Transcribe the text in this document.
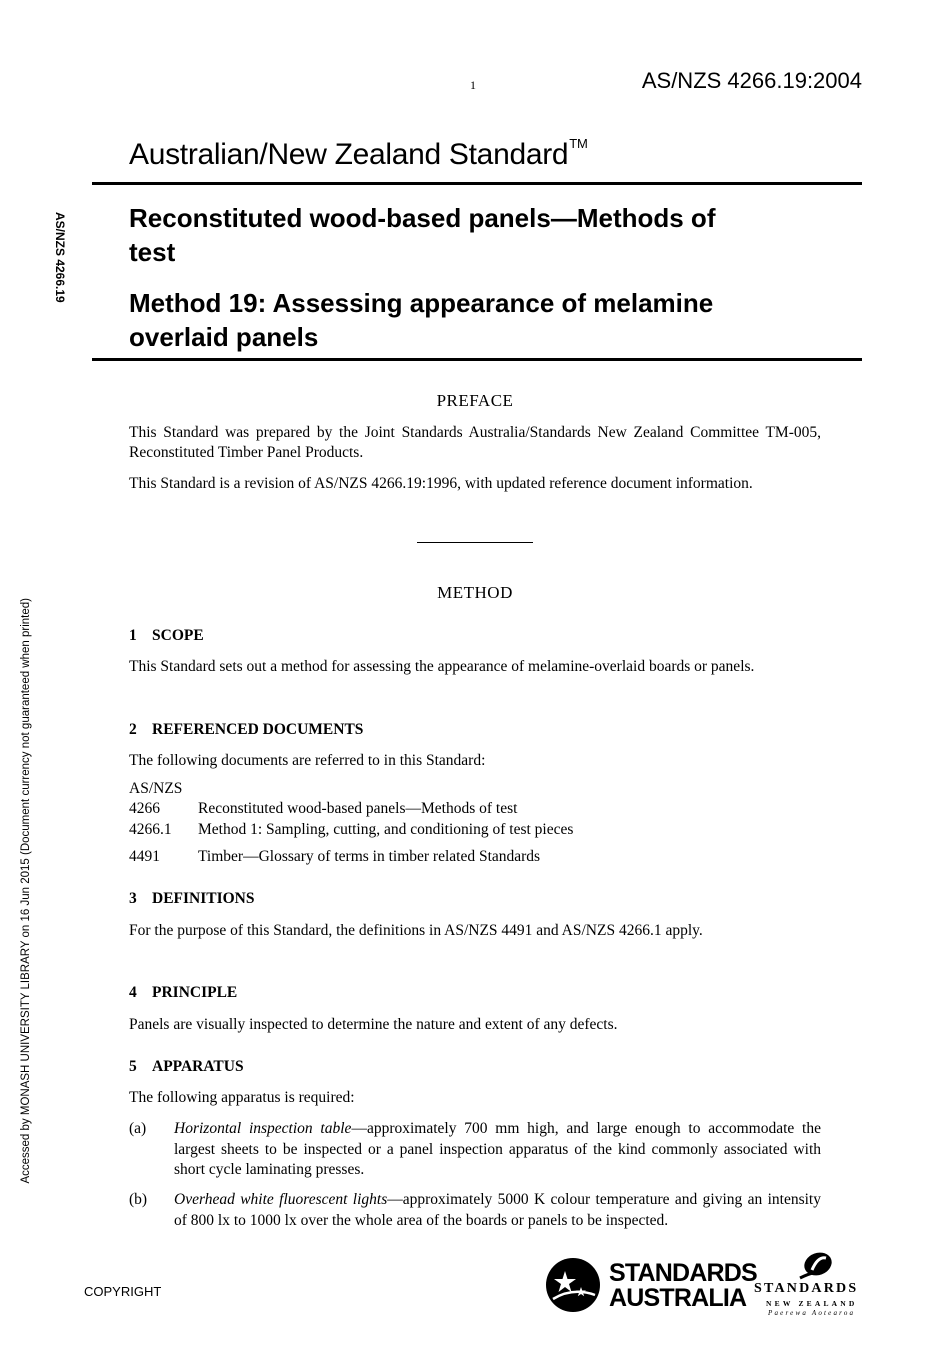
1	AS/NZS 4266.19:2004
Australian/New Zealand Standard™
AS/NZS 4266.19
Accessed by MONASH UNIVERSITY LIBRARY on 16 Jun 2015 (Document currency not guaranteed when printed)
Reconstituted wood-based panels—Methods of
test
Method 19: Assessing appearance of melamine
overlaid panels
PREFACE
This Standard was prepared by the Joint Standards Australia/Standards New Zealand Committee TM-005, Reconstituted Timber Panel Products.
This Standard is a revision of AS/NZS 4266.19:1996, with updated reference document information.
METHOD
1 SCOPE
This Standard sets out a method for assessing the appearance of melamine-overlaid boards or panels.
2 REFERENCED DOCUMENTS
The following documents are referred to in this Standard:
AS/NZS
4266 Reconstituted wood-based panels—Methods of test
4266.1 Method 1: Sampling, cutting, and conditioning of test pieces
4491 Timber—Glossary of terms in timber related Standards
3 DEFINITIONS
For the purpose of this Standard, the definitions in AS/NZS 4491 and AS/NZS 4266.1 apply.
4 PRINCIPLE
Panels are visually inspected to determine the nature and extent of any defects.
5 APPARATUS
The following apparatus is required:
(a) Horizontal inspection table—approximately 700 mm high, and large enough to accommodate the largest sheets to be inspected or a panel inspection apparatus of the kind commonly associated with short cycle laminating presses.
(b) Overhead white fluorescent lights—approximately 5000 K colour temperature and giving an intensity of 800 lx to 1000 lx over the whole area of the boards or panels to be inspected.
COPYRIGHT
STANDARDS
AUSTRALIA STANDARDS
NEW ZEALAND
Paerewa Aotearoa
